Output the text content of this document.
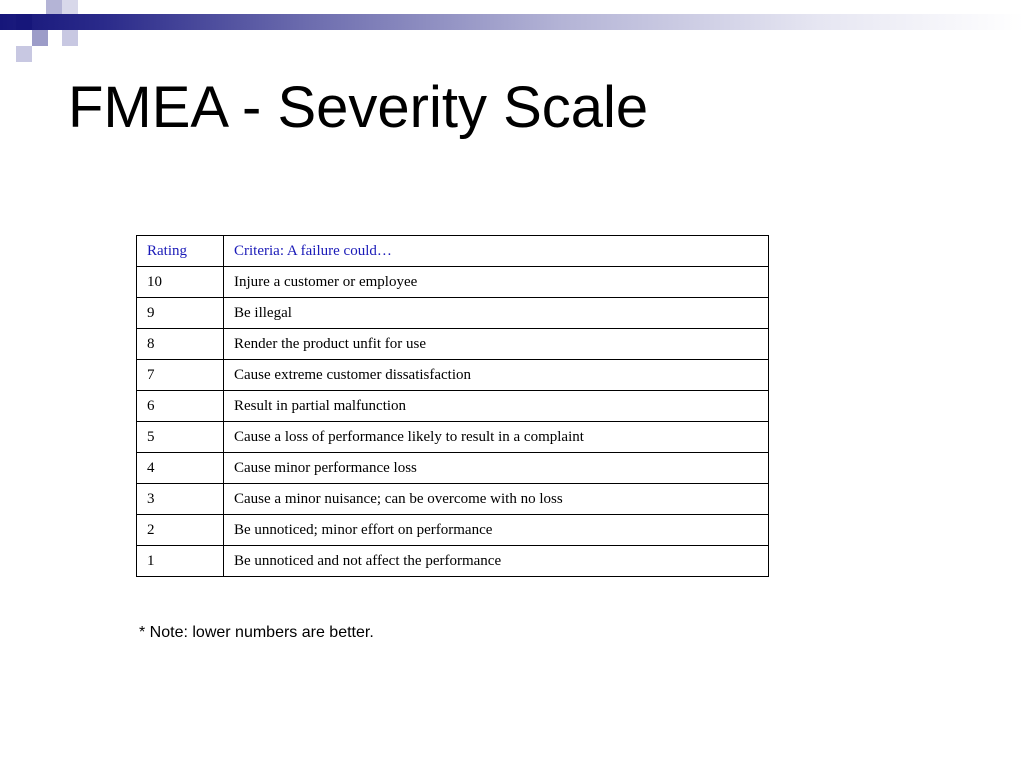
FMEA - Severity Scale
Rating	Criteria: A failure could…
10	Injure a customer or employee
9	Be illegal
8	Render the product unfit for use
7	Cause extreme customer dissatisfaction
6	Result in partial malfunction
5	Cause a loss of performance likely to result in a complaint
4	Cause minor performance loss
3	Cause a minor nuisance; can be overcome with no loss
2	Be unnoticed; minor effort on performance
1	Be unnoticed and not affect the performance

* Note: lower numbers are better.
